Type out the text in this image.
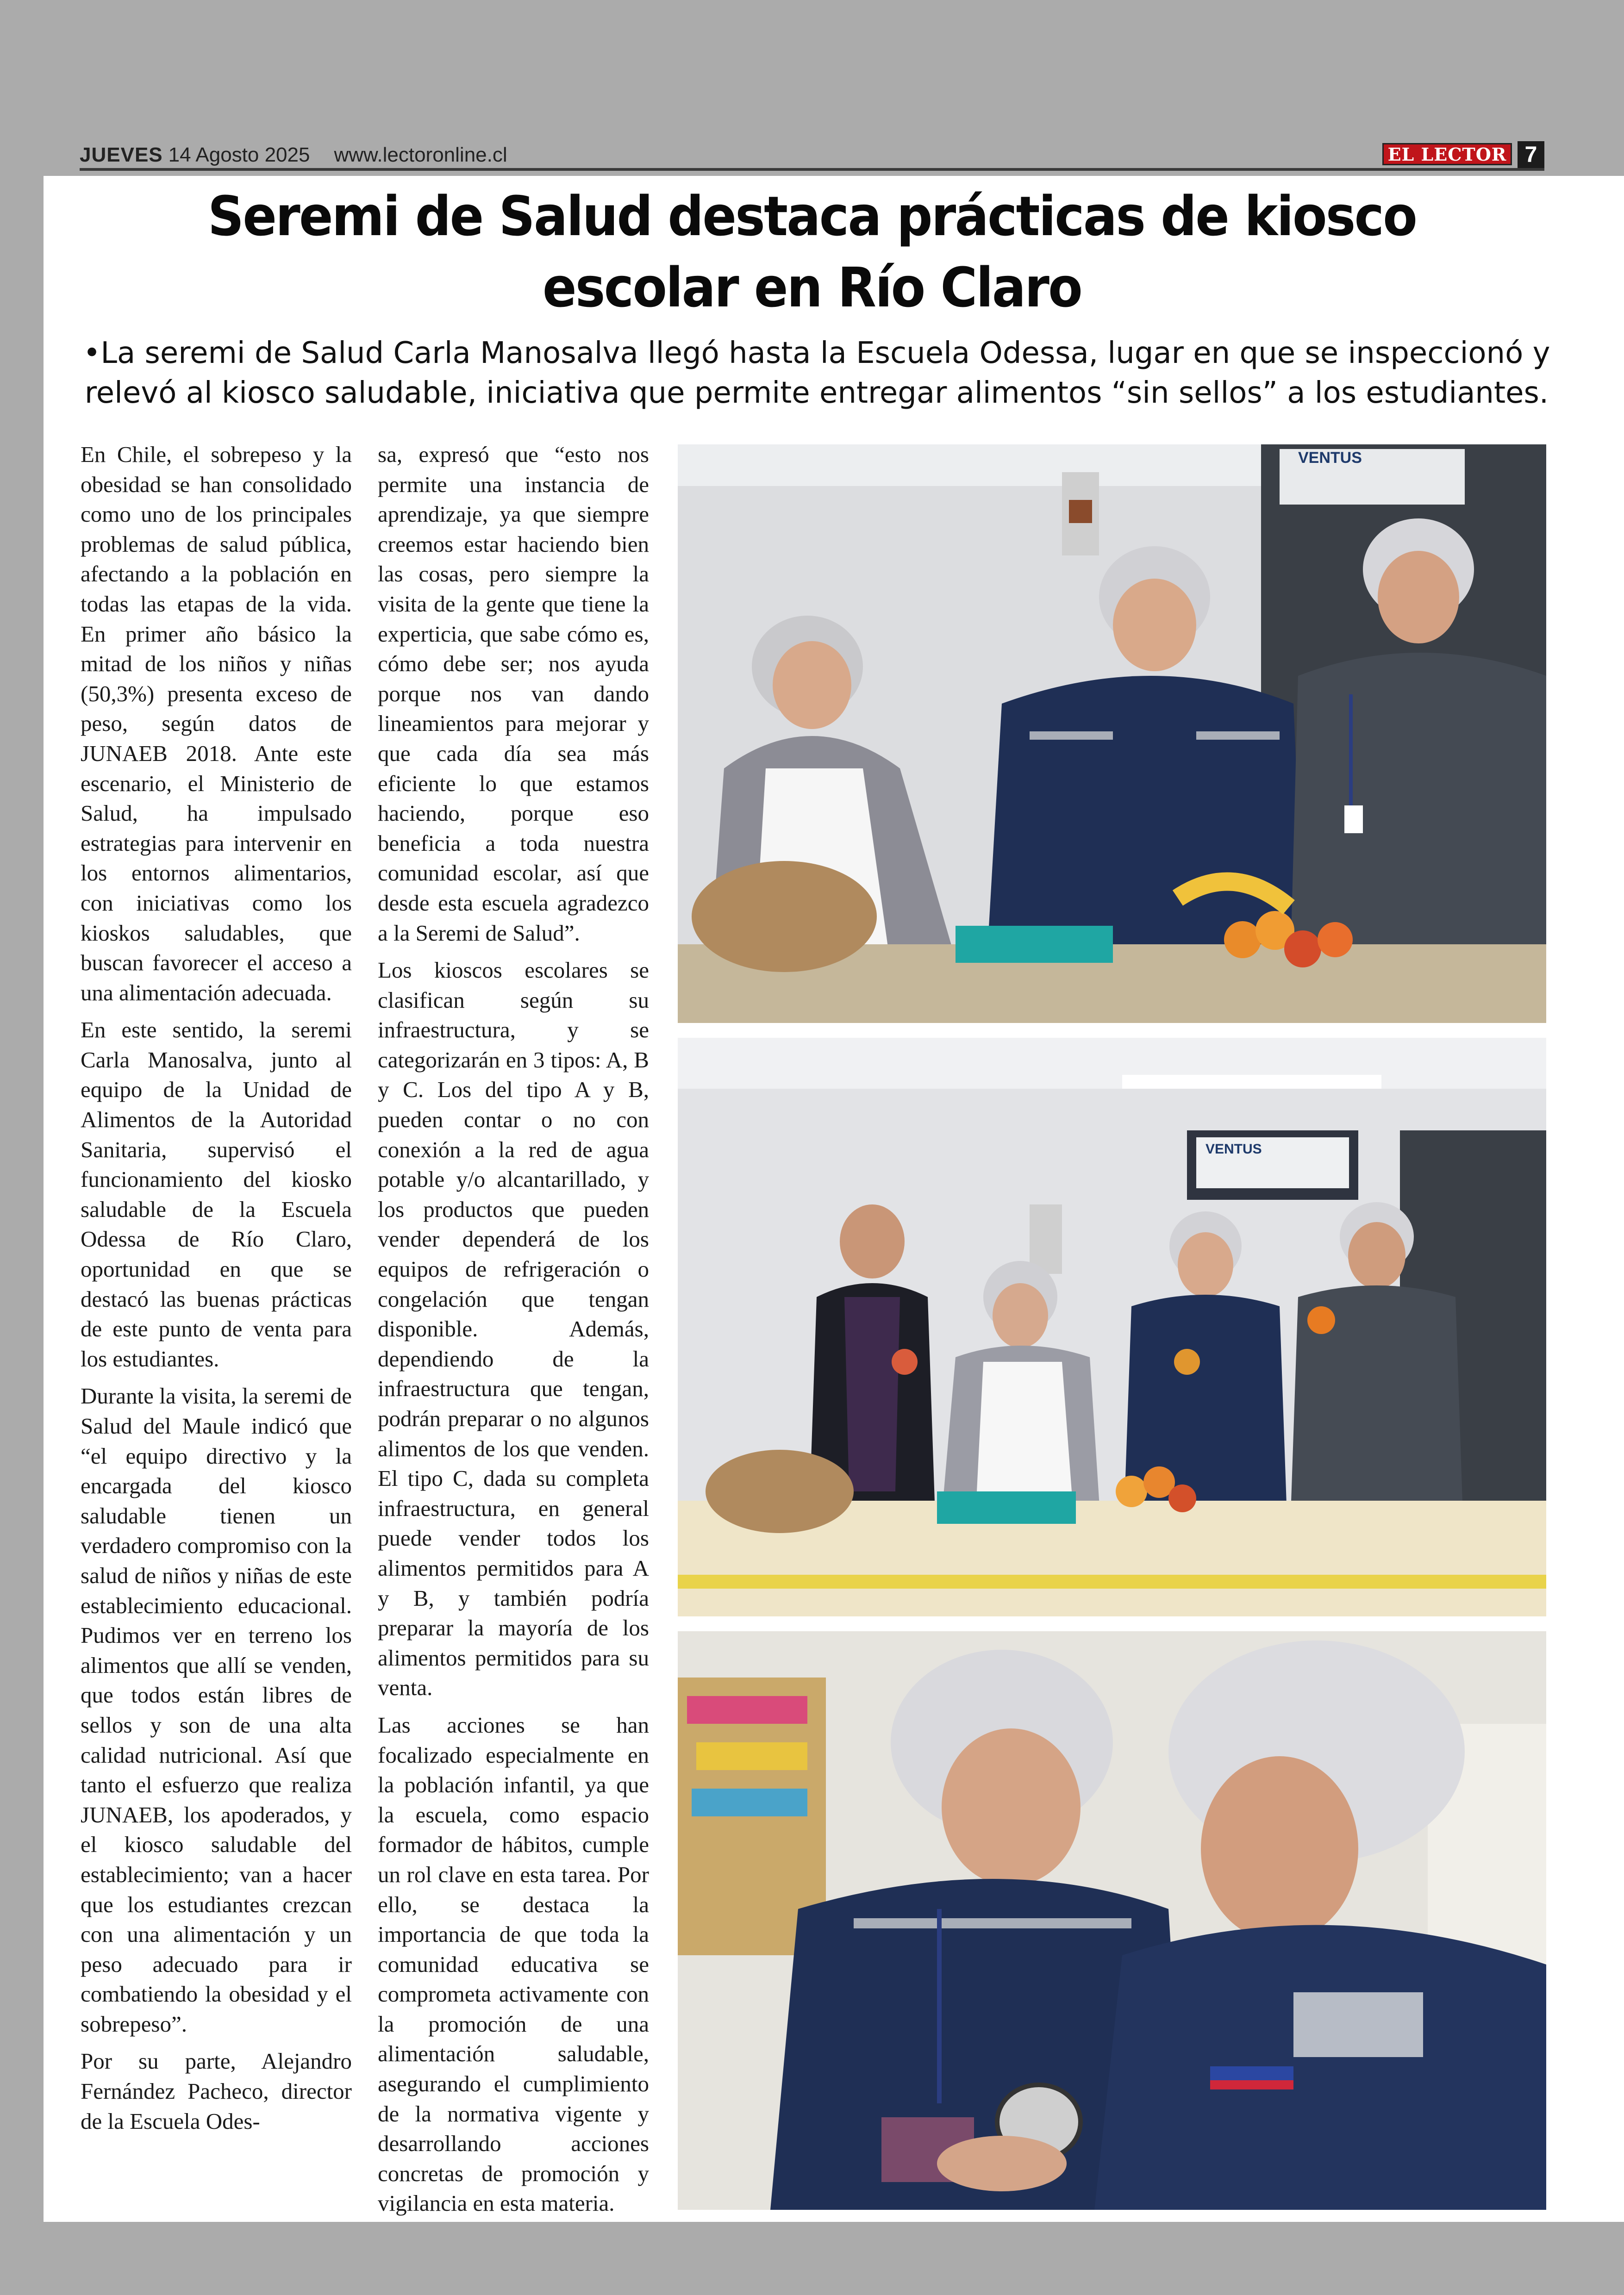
JUEVES 14 Agosto 2025 www.lectoronline.cl	EL LECTOR 7
Seremi de Salud destaca prácticas de kiosco
escolar en Río Claro
•La seremi de Salud Carla Manosalva llegó hasta la Escuela Odessa, lugar en que se inspeccionó y relevó al kiosco saludable, iniciativa que permite entregar alimentos “sin sellos” a los estudiantes.

En Chile, el sobrepeso y la obesidad se han consolidado como uno de los principales problemas de salud pública, afectando a la población en todas las etapas de la vida. En primer año básico la mitad de los niños y niñas (50,3%) presenta exceso de peso, según datos de JUNAEB 2018. Ante este escenario, el Ministerio de Salud, ha impulsado estrategias para intervenir en los entornos alimentarios, con iniciativas como los kioskos saludables, que buscan favorecer el acceso a una alimentación adecuada.

En este sentido, la seremi Carla Manosalva, junto al equipo de la Unidad de Alimentos de la Autoridad Sanitaria, supervisó el funcionamiento del kiosko saludable de la Escuela Odessa de Río Claro, oportunidad en que se destacó las buenas prácticas de este punto de venta para los estudiantes.

Durante la visita, la seremi de Salud del Maule indicó que “el equipo directivo y la encargada del kiosco saludable tienen un verdadero compromiso con la salud de niños y niñas de este establecimiento educacional. Pudimos ver en terreno los alimentos que allí se venden, que todos están libres de sellos y son de una alta calidad nutricional. Así que tanto el esfuerzo que realiza JUNAEB, los apoderados, y el kiosco saludable del establecimiento; van a hacer que los estudiantes crezcan con una alimentación y un peso adecuado para ir combatiendo la obesidad y el sobrepeso”.

Por su parte, Alejandro Fernández Pacheco, director de la Escuela Odes-

sa, expresó que “esto nos permite una instancia de aprendizaje, ya que siempre creemos estar haciendo bien las cosas, pero siempre la visita de la gente que tiene la experticia, que sabe cómo es, cómo debe ser; nos ayuda porque nos van dando lineamientos para mejorar y que cada día sea más eficiente lo que estamos haciendo, porque eso beneficia a toda nuestra comunidad escolar, así que desde esta escuela agradezco a la Seremi de Salud”.

Los kioscos escolares se clasifican según su infraestructura, y se categorizarán en 3 tipos: A, B y C. Los del tipo A y B, pueden contar o no con conexión a la red de agua potable y/o alcantarillado, y los productos que pueden vender dependerá de los equipos de refrigeración o congelación que tengan disponible. Además, dependiendo de la infraestructura que tengan, podrán preparar o no algunos alimentos de los que venden. El tipo C, dada su completa infraestructura, en general puede vender todos los alimentos permitidos para A y B, y también podría preparar la mayoría de los alimentos permitidos para su venta.

Las acciones se han focalizado especialmente en la población infantil, ya que la escuela, como espacio formador de hábitos, cumple un rol clave en esta tarea. Por ello, se destaca la importancia de que toda la comunidad educativa se comprometa activamente con la promoción de una alimentación saludable, asegurando el cumplimiento de la normativa vigente y desarrollando acciones concretas de promoción y vigilancia en esta materia.

VENTUS
VENTUS
